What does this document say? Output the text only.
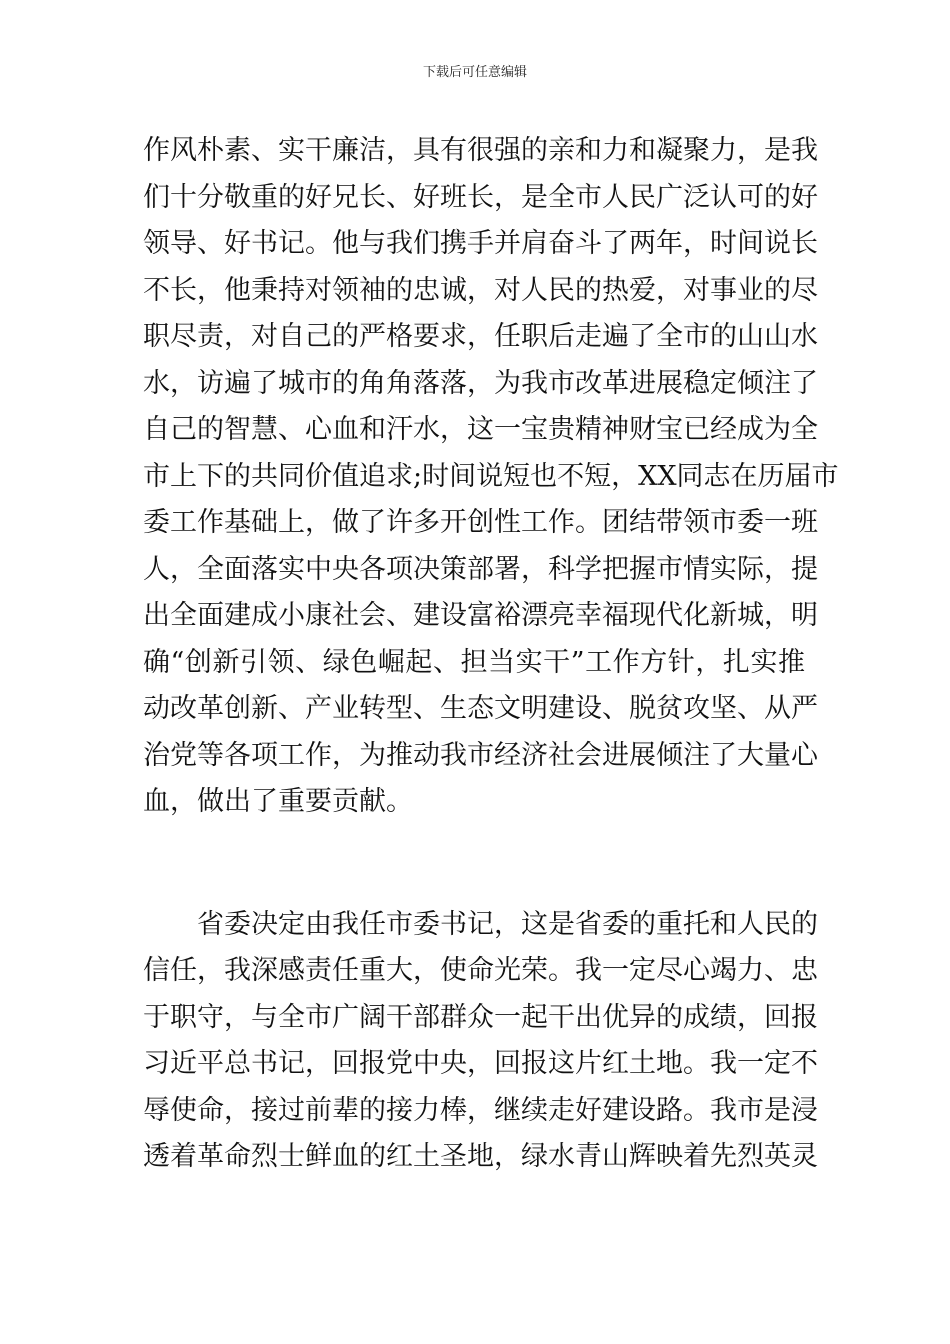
下载后可任意编辑
作风朴素、实干廉洁，具有很强的亲和力和凝聚力，是我
们十分敬重的好兄长、好班长，是全市人民广泛认可的好
领导、好书记。他与我们携手并肩奋斗了两年，时间说长
不长，他秉持对领袖的忠诚，对人民的热爱，对事业的尽
职尽责，对自己的严格要求，任职后走遍了全市的山山水
水，访遍了城市的角角落落，为我市改革进展稳定倾注了
自己的智慧、心血和汗水，这一宝贵精神财宝已经成为全
市上下的共同价值追求;时间说短也不短，XX同志在历届市
委工作基础上，做了许多开创性工作。团结带领市委一班
人，全面落实中央各项决策部署，科学把握市情实际，提
出全面建成小康社会、建设富裕漂亮幸福现代化新城，明
确“创新引领、绿色崛起、担当实干”工作方针，扎实推
动改革创新、产业转型、生态文明建设、脱贫攻坚、从严
治党等各项工作，为推动我市经济社会进展倾注了大量心
血，做出了重要贡献。
省委决定由我任市委书记，这是省委的重托和人民的
信任，我深感责任重大，使命光荣。我一定尽心竭力、忠
于职守，与全市广阔干部群众一起干出优异的成绩，回报
习近平总书记，回报党中央，回报这片红土地。我一定不
辱使命，接过前辈的接力棒，继续走好建设路。我市是浸
透着革命烈士鲜血的红土圣地，绿水青山辉映着先烈英灵
